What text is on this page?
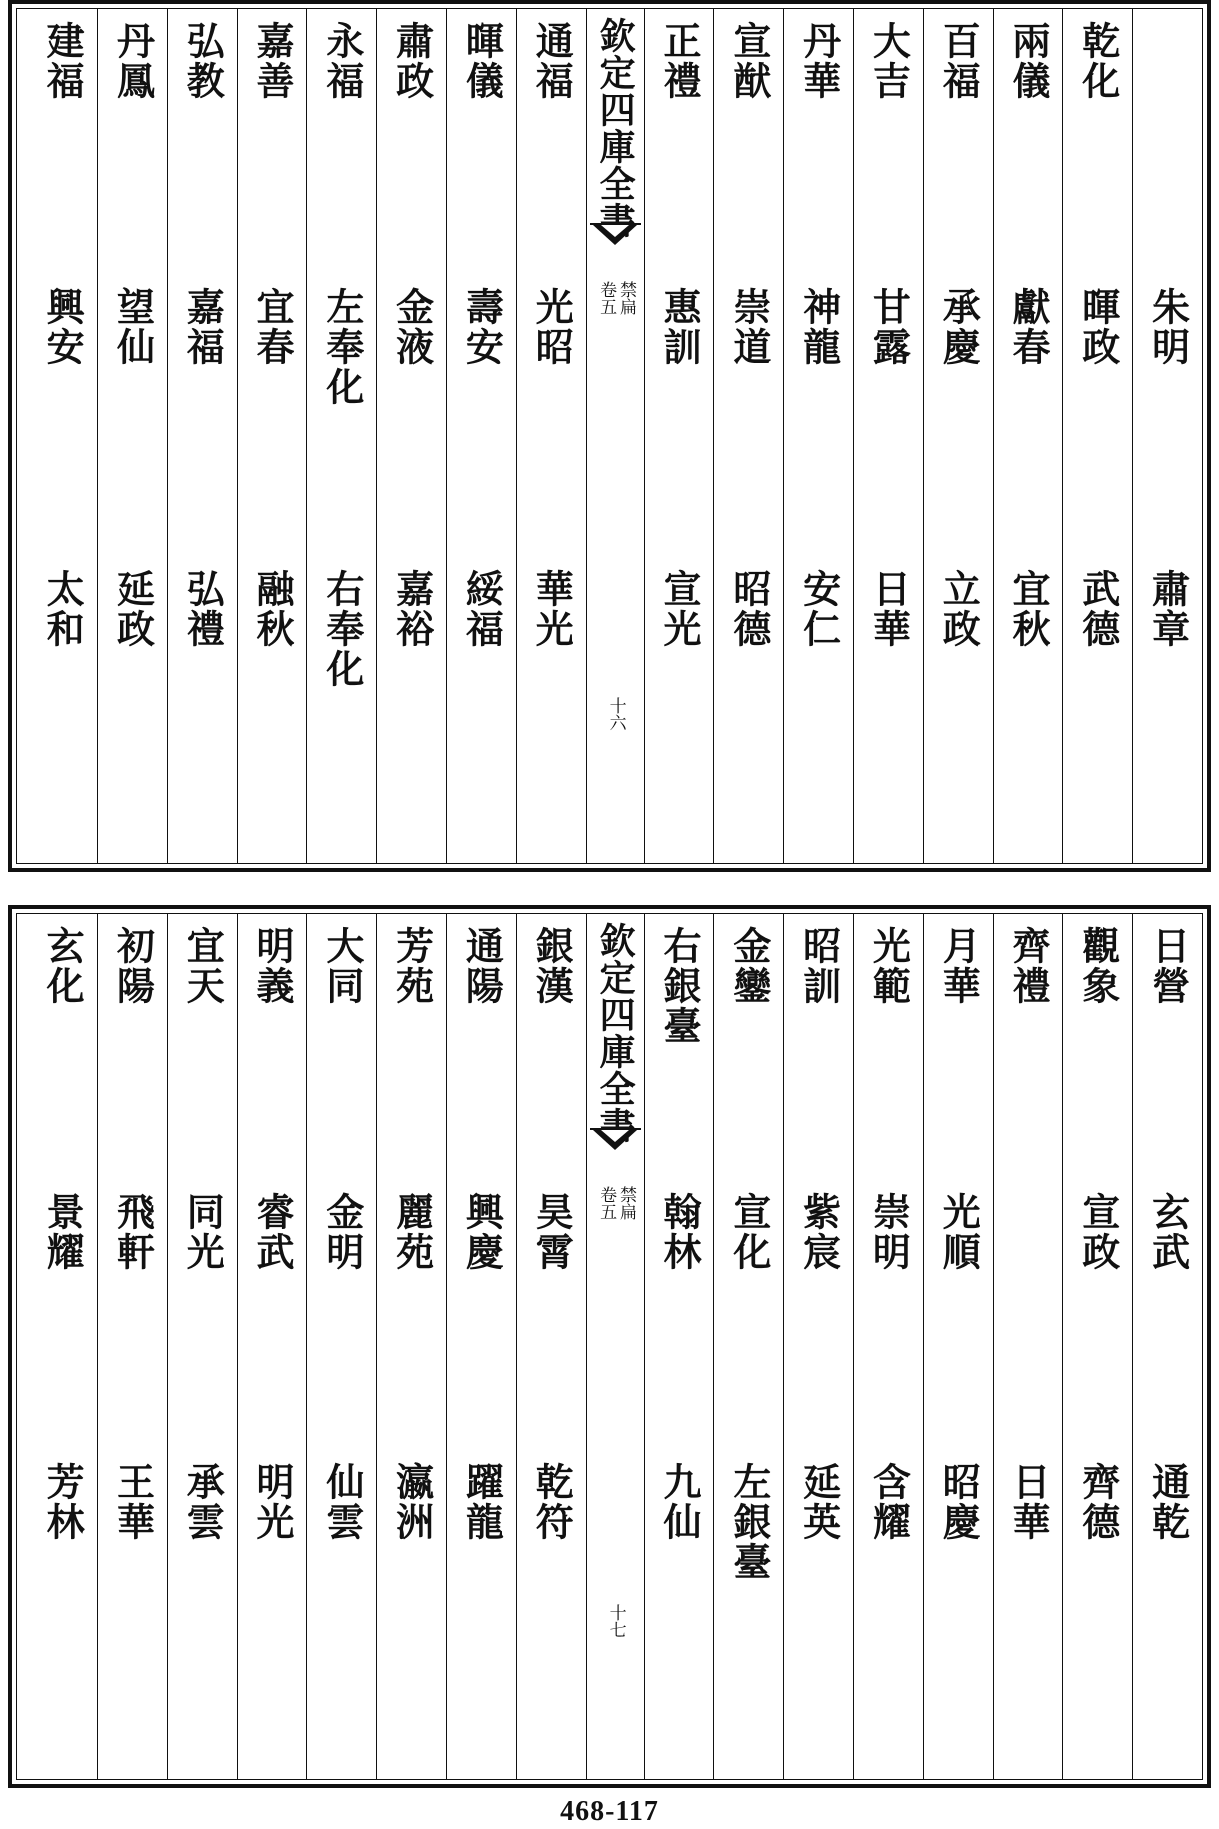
朱明
肅章
乾化
暉政
武德
兩儀
獻春
宜秋
百福
承慶
立政
大吉
甘露
日華
丹華
神龍
安仁
宣猷
崇道
昭德
正禮
惠訓
宣光
欽定四庫全書
禁扁
卷五
十六
通福
光昭
華光
暉儀
壽安
綏福
肅政
金液
嘉裕
永福
左奉化
右奉化
嘉善
宜春
融秋
弘教
嘉福
弘禮
丹鳳
望仙
延政
建福
興安
太和
日營
玄武
通乾
觀象
宣政
齊德
齊禮
日華
月華
光順
昭慶
光範
崇明
含耀
昭訓
紫宸
延英
金鑾
宣化
左銀臺
右銀臺
翰林
九仙
欽定四庫全書
禁扁
卷五
十七
銀漢
昊霄
乾符
通陽
興慶
躍龍
芳苑
麗苑
瀛洲
大同
金明
仙雲
明義
睿武
明光
宜天
同光
承雲
初陽
飛軒
王華
玄化
景耀
芳林
468-117
